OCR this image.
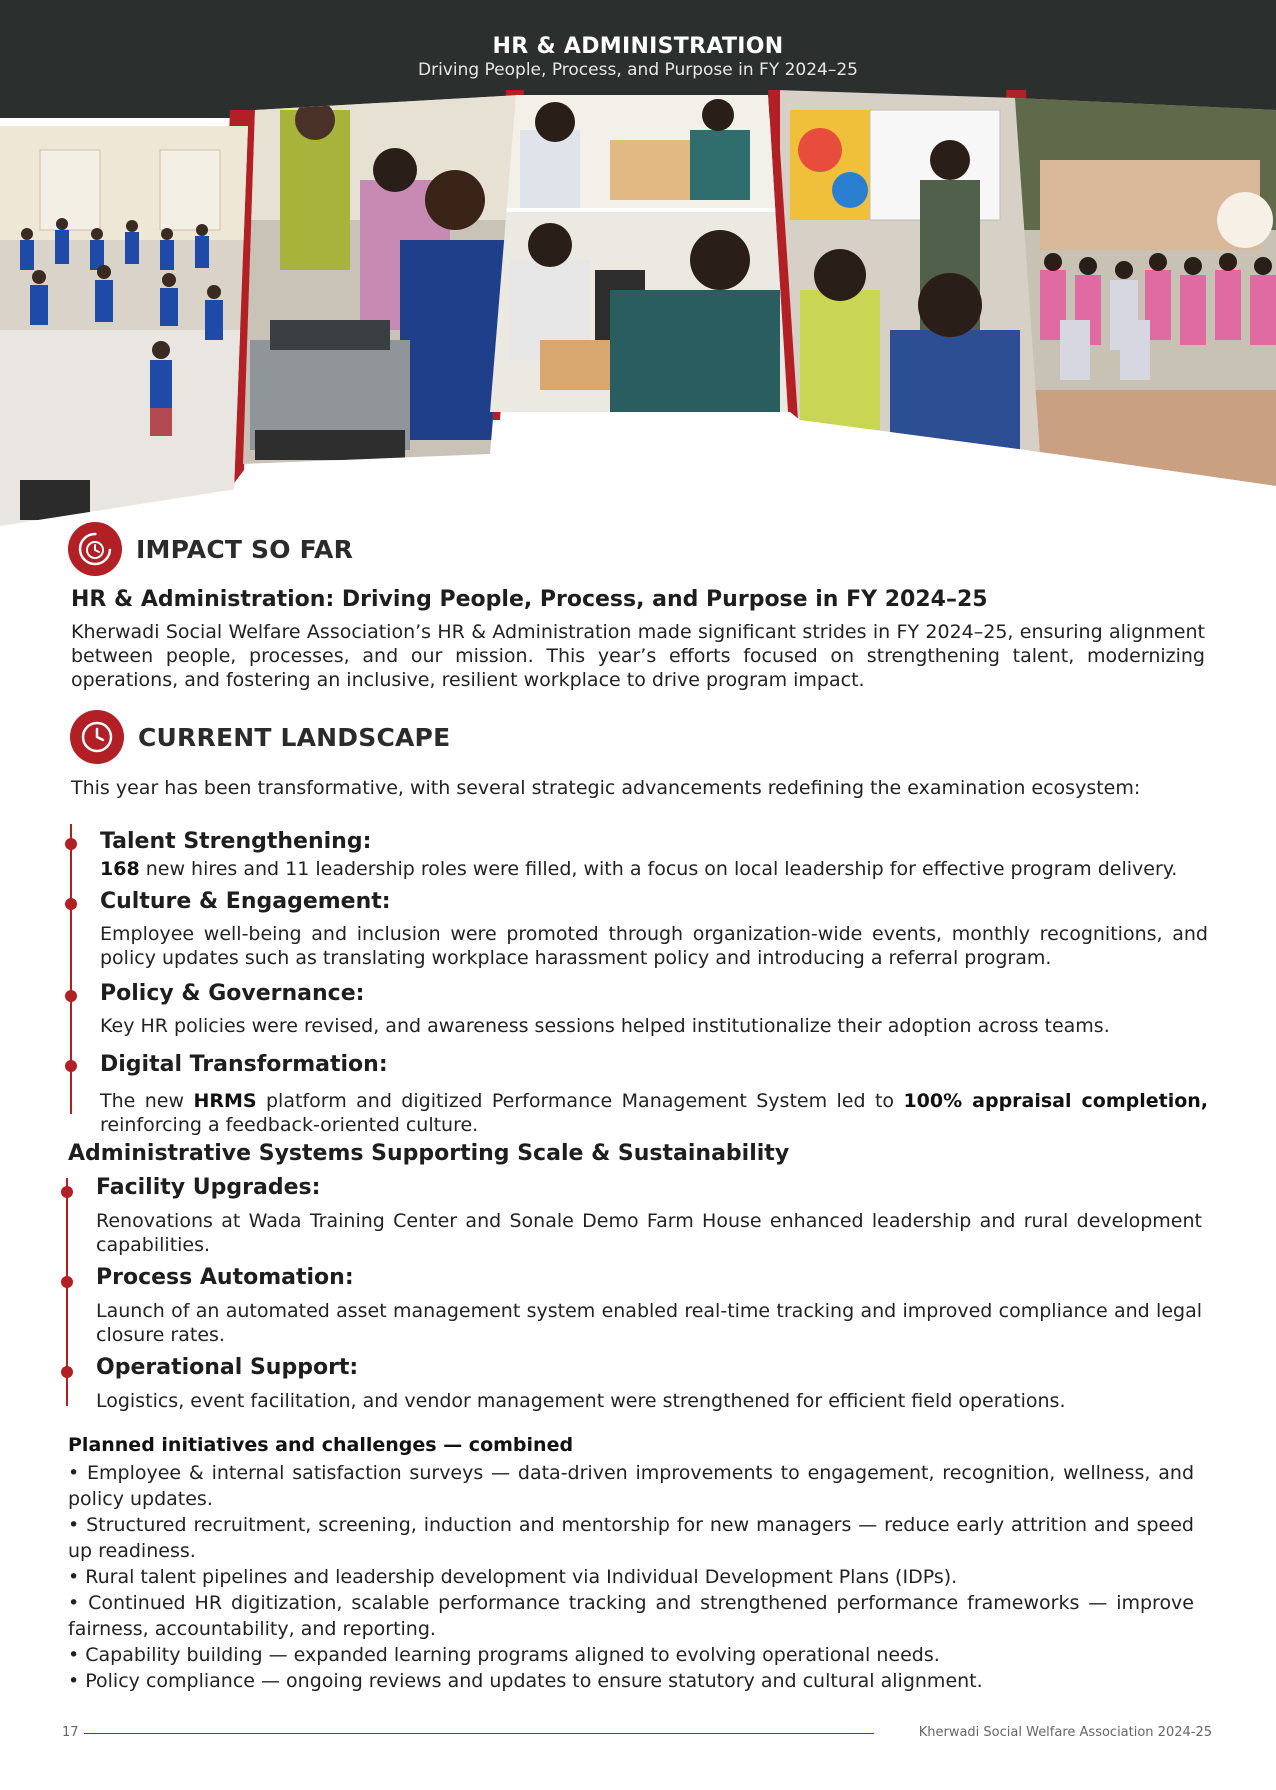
HR & ADMINISTRATION
Driving People, Process, and Purpose in FY 2024–25
IMPACT SO FAR
HR & Administration: Driving People, Process, and Purpose in FY 2024–25
Kherwadi Social Welfare Association’s HR & Administration made significant strides in FY 2024–25, ensuring alignment between people, processes, and our mission. This year’s efforts focused on strengthening talent, modernizing operations, and fostering an inclusive, resilient workplace to drive program impact.
CURRENT LANDSCAPE
This year has been transformative, with several strategic advancements redefining the examination ecosystem:
Talent Strengthening:
168 new hires and 11 leadership roles were filled, with a focus on local leadership for effective program delivery.
Culture & Engagement:
Employee well-being and inclusion were promoted through organization-wide events, monthly recognitions, and policy updates such as translating workplace harassment policy and introducing a referral program.
Policy & Governance:
Key HR policies were revised, and awareness sessions helped institutionalize their adoption across teams.
Digital Transformation:
The new HRMS platform and digitized Performance Management System led to 100% appraisal completion, reinforcing a feedback-oriented culture.
Administrative Systems Supporting Scale & Sustainability
Facility Upgrades:
Renovations at Wada Training Center and Sonale Demo Farm House enhanced leadership and rural development capabilities.
Process Automation:
Launch of an automated asset management system enabled real-time tracking and improved compliance and legal closure rates.
Operational Support:
Logistics, event facilitation, and vendor management were strengthened for efficient field operations.
Planned initiatives and challenges — combined
• Employee & internal satisfaction surveys — data-driven improvements to engagement, recognition, wellness, and policy updates.
• Structured recruitment, screening, induction and mentorship for new managers — reduce early attrition and speed up readiness.
• Rural talent pipelines and leadership development via Individual Development Plans (IDPs).
• Continued HR digitization, scalable performance tracking and strengthened performance frameworks — improve fairness, accountability, and reporting.
• Capability building — expanded learning programs aligned to evolving operational needs.
• Policy compliance — ongoing reviews and updates to ensure statutory and cultural alignment.
17	Kherwadi Social Welfare Association 2024-25
